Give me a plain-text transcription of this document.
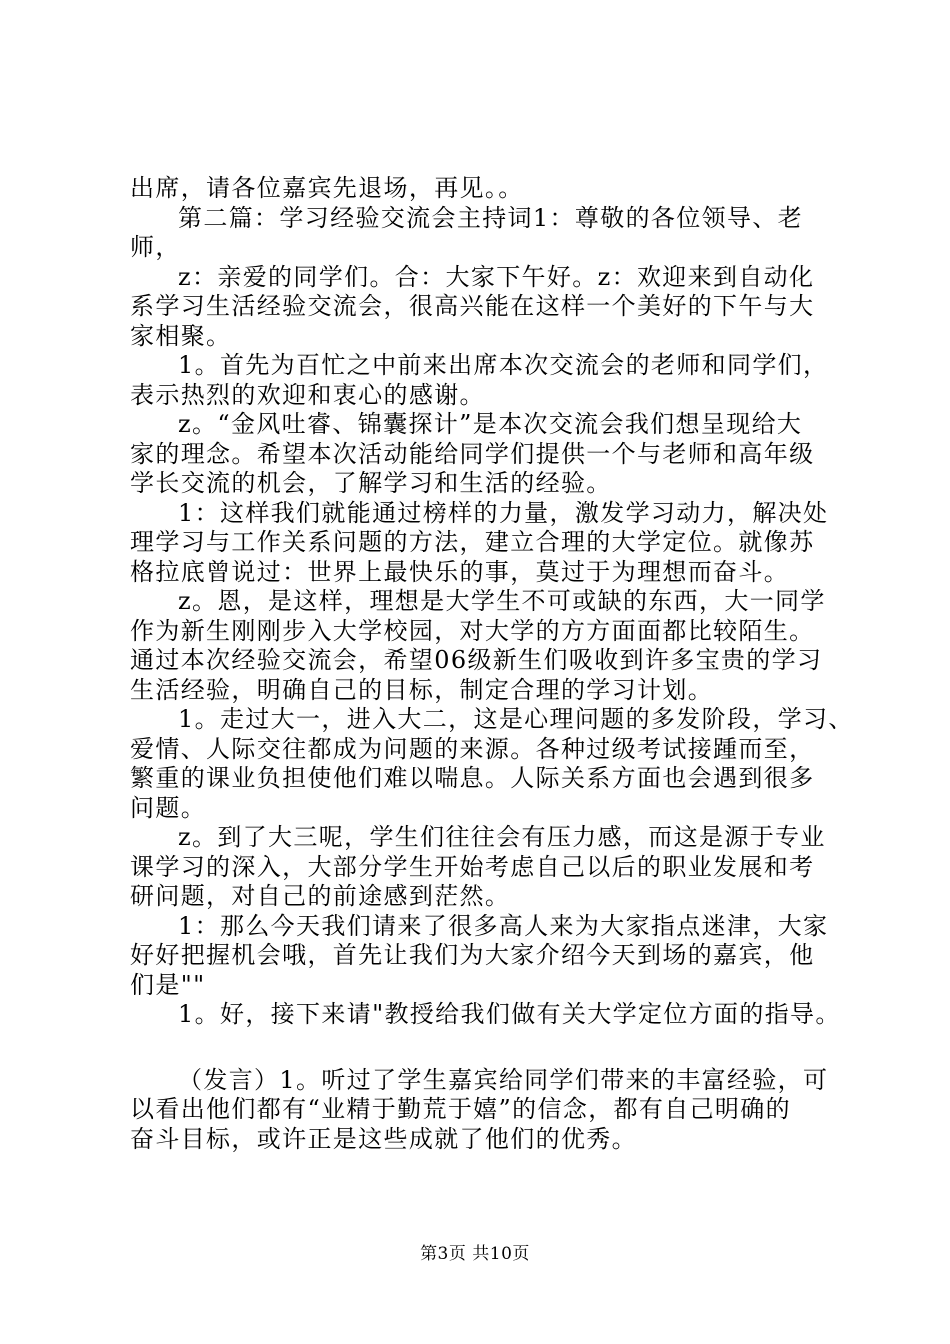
出席，请各位嘉宾先退场，再见。。
第二篇：学习经验交流会主持词1：尊敬的各位领导、老
师，
z：亲爱的同学们。合：大家下午好。z：欢迎来到自动化
系学习生活经验交流会，很高兴能在这样一个美好的下午与大
家相聚。
1。首先为百忙之中前来出席本次交流会的老师和同学们，
表示热烈的欢迎和衷心的感谢。
z。“金风吐睿、锦囊探计”是本次交流会我们想呈现给大
家的理念。希望本次活动能给同学们提供一个与老师和高年级
学长交流的机会，了解学习和生活的经验。
1：这样我们就能通过榜样的力量，激发学习动力，解决处
理学习与工作关系问题的方法，建立合理的大学定位。就像苏
格拉底曾说过：世界上最快乐的事，莫过于为理想而奋斗。
z。恩，是这样，理想是大学生不可或缺的东西，大一同学
作为新生刚刚步入大学校园，对大学的方方面面都比较陌生。
通过本次经验交流会，希望06级新生们吸收到许多宝贵的学习
生活经验，明确自己的目标，制定合理的学习计划。
1。走过大一，进入大二，这是心理问题的多发阶段，学习、
爱情、人际交往都成为问题的来源。各种过级考试接踵而至，
繁重的课业负担使他们难以喘息。人际关系方面也会遇到很多
问题。
z。到了大三呢，学生们往往会有压力感，而这是源于专业
课学习的深入，大部分学生开始考虑自己以后的职业发展和考
研问题，对自己的前途感到茫然。
1：那么今天我们请来了很多高人来为大家指点迷津，大家
好好把握机会哦，首先让我们为大家介绍今天到场的嘉宾，他
们是""
1。好，接下来请"教授给我们做有关大学定位方面的指导。
（发言）1。听过了学生嘉宾给同学们带来的丰富经验，可
以看出他们都有“业精于勤荒于嬉”的信念，都有自己明确的
奋斗目标，或许正是这些成就了他们的优秀。
第3页 共10页
